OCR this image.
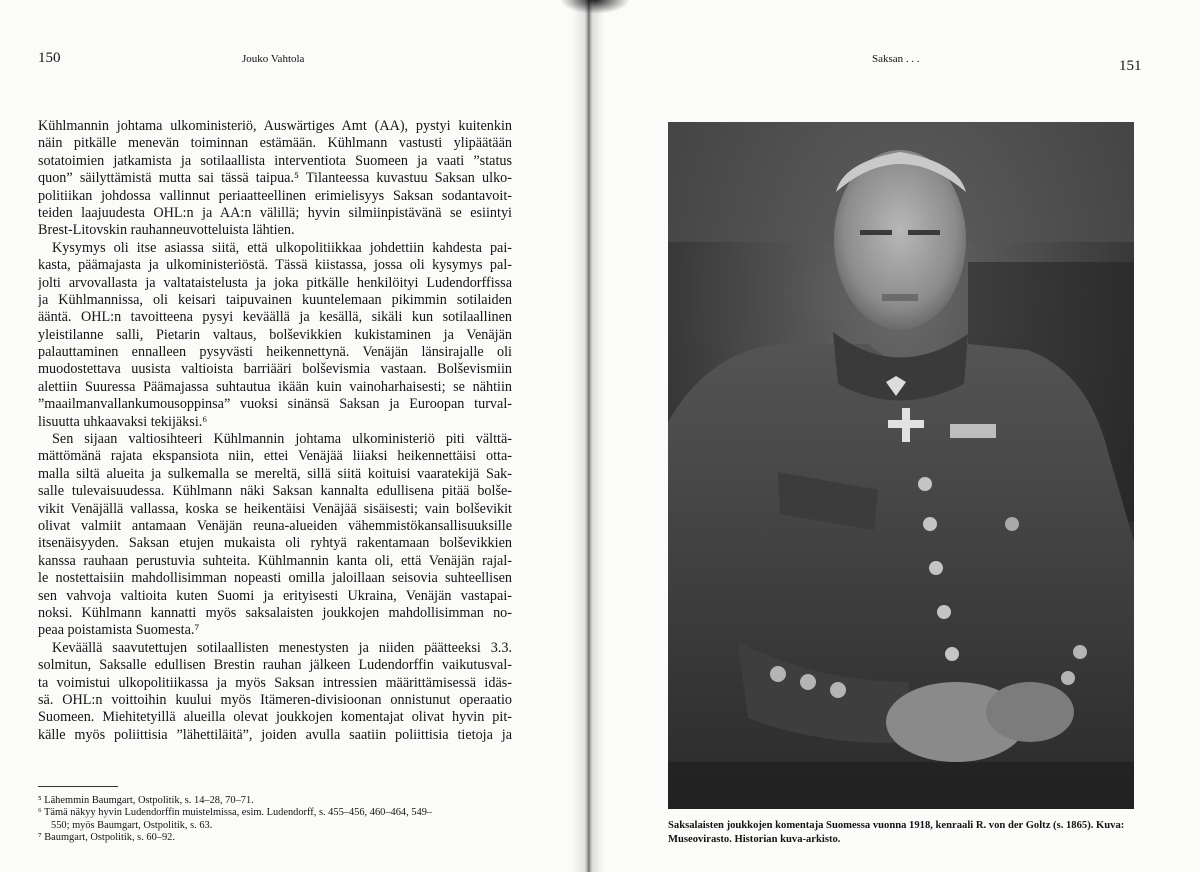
150	Jouko Vahtola
Kühlmannin johtama ulkoministeriö, Auswärtiges Amt (AA), pystyi kuitenkin
näin pitkälle menevän toiminnan estämään. Kühlmann vastusti ylipäätään
sotatoimien jatkamista ja sotilaallista interventiota Suomeen ja vaati ”status
quon” säilyttämistä mutta sai tässä taipua.⁵ Tilanteessa kuvastuu Saksan ulko-
politiikan johdossa vallinnut periaatteellinen erimielisyys Saksan sodantavoit-
teiden laajuudesta OHL:n ja AA:n välillä; hyvin silmiinpistävänä se esiintyi
Brest-Litovskin rauhanneuvotteluista lähtien.
Kysymys oli itse asiassa siitä, että ulkopolitiikkaa johdettiin kahdesta pai-
kasta, päämajasta ja ulkoministeriöstä. Tässä kiistassa, jossa oli kysymys pal-
jolti arvovallasta ja valtataistelusta ja joka pitkälle henkilöityi Ludendorffissa
ja Kühlmannissa, oli keisari taipuvainen kuuntelemaan pikimmin sotilaiden
ääntä. OHL:n tavoitteena pysyi keväällä ja kesällä, sikäli kun sotilaallinen
yleistilanne salli, Pietarin valtaus, bolševikkien kukistaminen ja Venäjän
palauttaminen ennalleen pysyvästi heikennettynä. Venäjän länsirajalle oli
muodostettava uusista valtioista barriääri bolševismia vastaan. Bolševismiin
alettiin Suuressa Päämajassa suhtautua ikään kuin vainoharhaisesti; se nähtiin
”maailmanvallankumousoppinsa” vuoksi sinänsä Saksan ja Euroopan turval-
lisuutta uhkaavaksi tekijäksi.⁶
Sen sijaan valtiosihteeri Kühlmannin johtama ulkoministeriö piti välttä-
mättömänä rajata ekspansiota niin, ettei Venäjää liiaksi heikennettäisi otta-
malla siltä alueita ja sulkemalla se mereltä, sillä siitä koituisi vaaratekijä Sak-
salle tulevaisuudessa. Kühlmann näki Saksan kannalta edullisena pitää bolše-
vikit Venäjällä vallassa, koska se heikentäisi Venäjää sisäisesti; vain bolševikit
olivat valmiit antamaan Venäjän reuna-alueiden vähemmistökansallisuuksille
itsenäisyyden. Saksan etujen mukaista oli ryhtyä rakentamaan bolševikkien
kanssa rauhaan perustuvia suhteita. Kühlmannin kanta oli, että Venäjän rajal-
le nostettaisiin mahdollisimman nopeasti omilla jaloillaan seisovia suhteellisen
sen vahvoja valtioita kuten Suomi ja erityisesti Ukraina, Venäjän vastapai-
noksi. Kühlmann kannatti myös saksalaisten joukkojen mahdollisimman no-
peaa poistamista Suomesta.⁷
Keväällä saavutettujen sotilaallisten menestysten ja niiden päätteeksi 3.3.
solmitun, Saksalle edullisen Brestin rauhan jälkeen Ludendorffin vaikutusval-
ta voimistui ulkopolitiikassa ja myös Saksan intressien määrittämisessä idäs-
sä. OHL:n voittoihin kuului myös Itämeren-divisioonan onnistunut operaatio
Suomeen. Miehitetyillä alueilla olevat joukkojen komentajat olivat hyvin pit-
källe myös poliittisia ”lähettiläitä”, joiden avulla saatiin poliittisia tietoja ja
⁵ Lähemmin Baumgart, Ostpolitik, s. 14–28, 70–71.
⁶ Tämä näkyy hyvin Ludendorffin muistelmissa, esim. Ludendorff, s. 455–456, 460–464, 549–
550; myös Baumgart, Ostpolitik, s. 63.
⁷ Baumgart, Ostpolitik, s. 60–92.
Saksan . . .	151
Saksalaisten joukkojen komentaja Suomessa vuonna 1918, kenraali R. von der Goltz (s. 1865). Kuva: Museovirasto. Historian kuva-arkisto.
